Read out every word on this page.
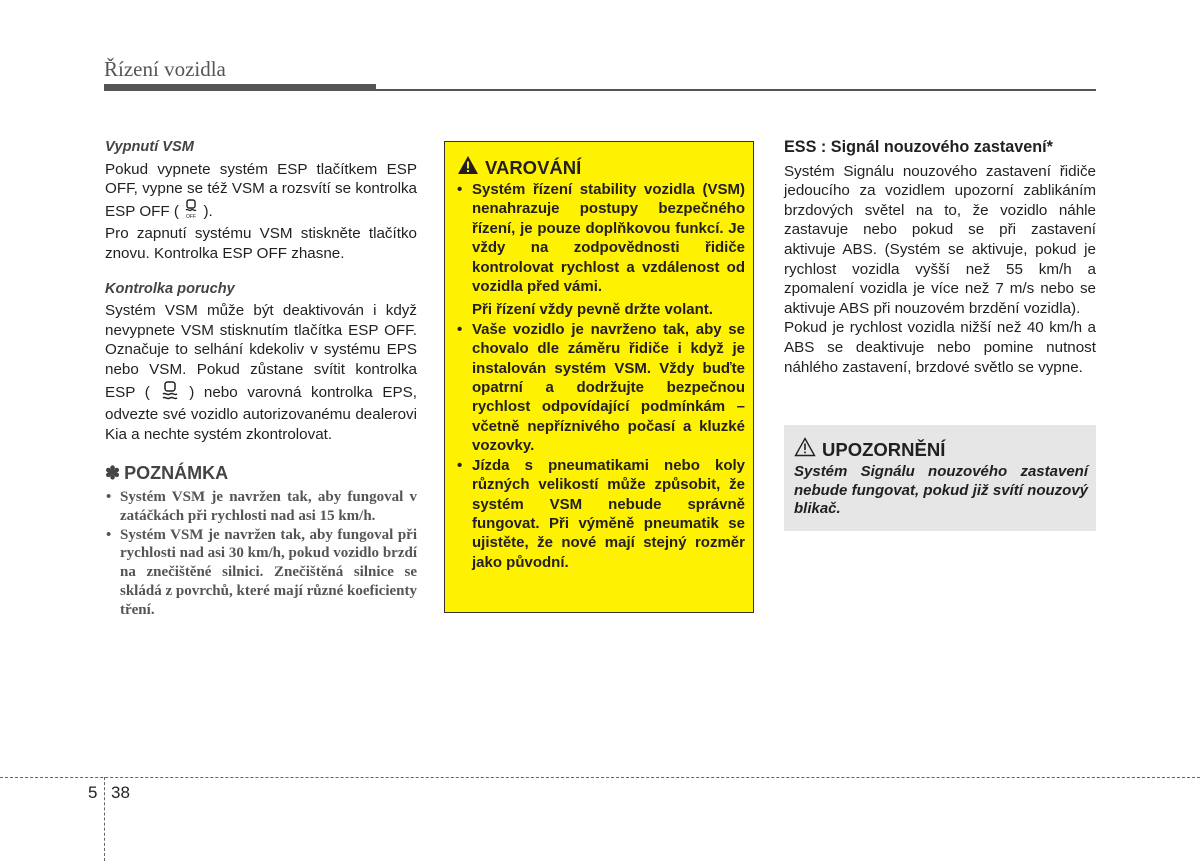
Řízení vozidla

Vypnutí VSM

Pokud vypnete systém ESP tlačítkem ESP OFF, vypne se též VSM a rozsvítí se kontrolka ESP OFF ( OFF ).

Pro zapnutí systému VSM stiskněte tlačítko znovu. Kontrolka ESP OFF zhasne.

Kontrolka poruchy

Systém VSM může být deaktivován i když nevypnete VSM stisknutím tlačítka ESP OFF. Označuje to selhání kdekoliv v systému EPS nebo VSM. Pokud zůstane svítit kontrolka ESP (	) nebo varovná kontrolka EPS, odvezte své vozidlo autorizovanému dealerovi Kia a nechte systém zkontrolovat.

✽ POZNÁMKA

• Systém VSM je navržen tak, aby fungoval v zatáčkách při rychlosti nad asi 15 km/h.
• Systém VSM je navržen tak, aby fungoval při rychlosti nad asi 30 km/h, pokud vozidlo brzdí na znečištěné silnici. Znečištěná silnice se skládá z povrchů, které mají různé koeficienty tření.
VAROVÁNÍ
• Systém řízení stability vozidla (VSM) nenahrazuje postupy bezpečného řízení, je pouze doplňkovou funkcí. Je vždy na zodpovědnosti řidiče kontrolovat rychlost a vzdálenost od vozidla před vámi.
Při řízení vždy pevně držte volant.
• Vaše vozidlo je navrženo tak, aby se chovalo dle záměru řidiče i když je instalován systém VSM. Vždy buďte opatrní a dodržujte bezpečnou rychlost odpovídající podmínkám – včetně nepříznivého počasí a kluzké vozovky.
• Jízda s pneumatikami nebo koly různých velikostí může způsobit, že systém VSM nebude správně fungovat. Při výměně pneumatik se ujistěte, že nové mají stejný rozměr jako původní.

ESS : Signál nouzového zastavení*

Systém Signálu nouzového zastavení řidiče jedoucího za vozidlem upozorní zablikáním brzdových světel na to, že vozidlo náhle zastavuje nebo pokud se při zastavení aktivuje ABS. (Systém se aktivuje, pokud je rychlost vozidla vyšší než 55 km/h a zpomalení vozidla je více než 7 m/s nebo se aktivuje ABS při nouzovém brzdění vozidla).

Pokud je rychlost vozidla nižší než 40 km/h a ABS se deaktivuje nebo pomine nutnost náhlého zastavení, brzdové světlo se vypne.

UPOZORNĚNÍ
Systém Signálu nouzového zastavení nebude fungovat, pokud již svítí nouzový blikač.
5 38
